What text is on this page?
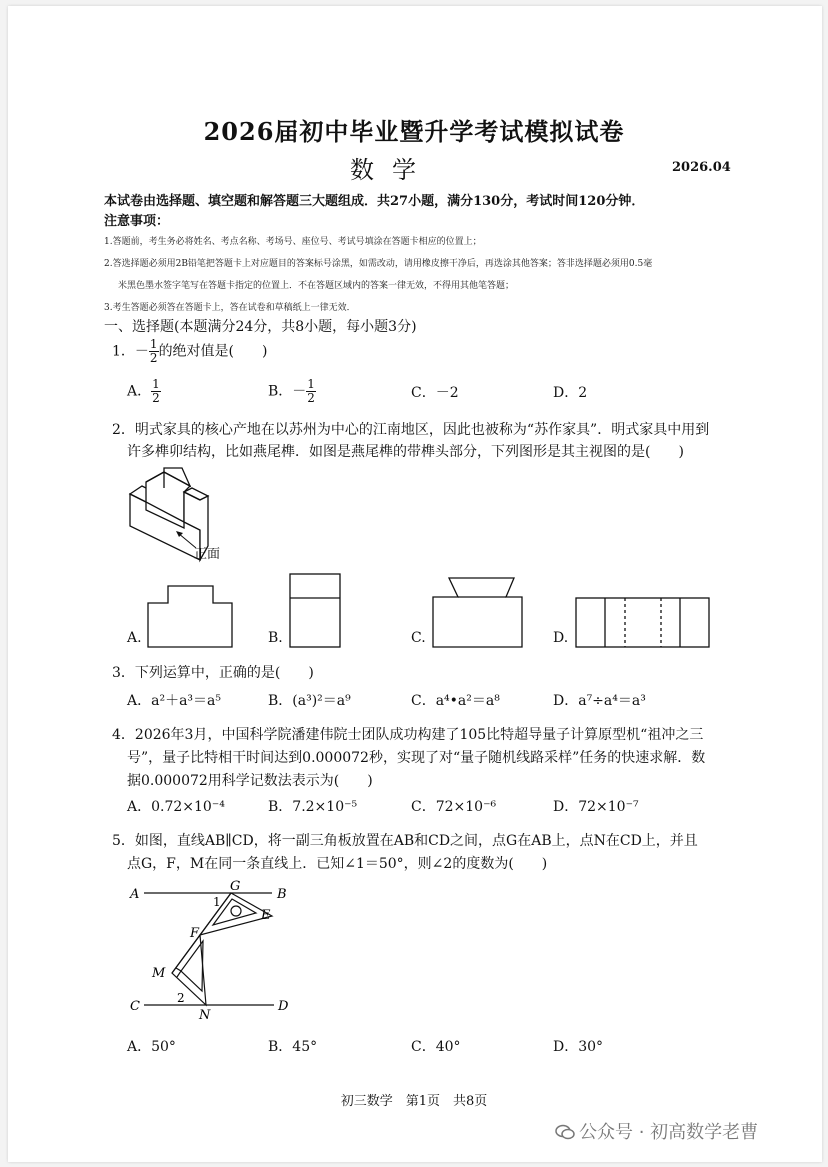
2026届初中毕业暨升学考试模拟试卷
数学	2026.04
本试卷由选择题、填空题和解答题三大题组成．共27小题，满分130分，考试时间120分钟．
注意事项：
1.答题前，考生务必将姓名、考点名称、考场号、座位号、考试号填涂在答题卡相应的位置上；
2.答选择题必须用2B铅笔把答题卡上对应题目的答案标号涂黑，如需改动，请用橡皮擦干净后，再选涂其他答案；答非选择题必须用0.5毫
米黑色墨水签字笔写在答题卡指定的位置上．不在答题区域内的答案一律无效，不得用其他笔答题；
3.考生答题必须答在答题卡上，答在试卷和草稿纸上一律无效．
一、选择题(本题满分24分，共8小题，每小题3分)
1．－ $\frac{1}{2}$ 的绝对值是(　　)
A． $\frac{1}{2}$	B．－ $\frac{1}{2}$	C．－2	D．2
2．明式家具的核心产地在以苏州为中心的江南地区，因此也被称为“苏作家具”．明式家具中用到
许多榫卯结构，比如燕尾榫．如图是燕尾榫的带榫头部分，下列图形是其主视图的是(　　)
正面
A.	B.	C.	D.
3．下列运算中，正确的是(　　)
A．a²＋a³＝a⁵	B．(a³)²＝a⁹	C．a⁴•a²＝a⁸	D．a⁷÷a⁴＝a³
4．2026年3月，中国科学院潘建伟院士团队成功构建了105比特超导量子计算原型机“祖冲之三
号”，量子比特相干时间达到0.000072秒，实现了对“量子随机线路采样”任务的快速求解．数
据0.000072用科学记数法表示为(　　)
A．0.72×10⁻⁴	B．7.2×10⁻⁵	C．72×10⁻⁶	D．72×10⁻⁷
5．如图，直线AB∥CD，将一副三角板放置在AB和CD之间，点G在AB上，点N在CD上，并且
点G，F，M在同一条直线上．已知∠1＝50°，则∠2的度数为(　　)
A	B
C	D
G
E
F
M
N
1
2
A．50°	B．45°	C．40°	D．30°
初三数学　第1页　共8页
公众号 · 初高数学老曹
